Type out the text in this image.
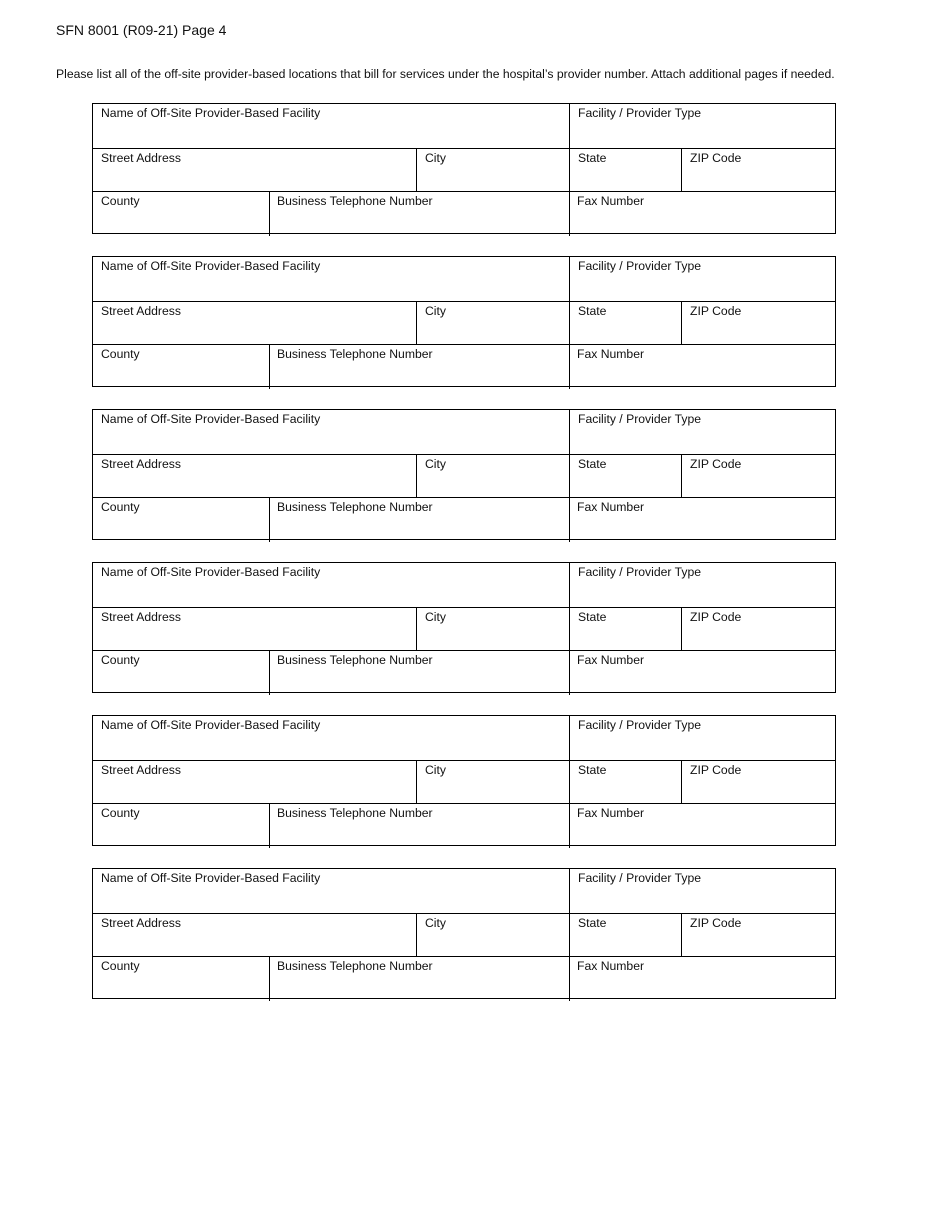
SFN 8001 (R09-21) Page 4
Please list all of the off-site provider-based locations that bill for services under the hospital’s provider number. Attach additional pages if needed.
Name of Off-Site Provider-Based Facility	Facility / Provider Type
Street Address	City	State	ZIP Code
County	Business Telephone Number	Fax Number
Name of Off-Site Provider-Based Facility	Facility / Provider Type
Street Address	City	State	ZIP Code
County	Business Telephone Number	Fax Number
Name of Off-Site Provider-Based Facility	Facility / Provider Type
Street Address	City	State	ZIP Code
County	Business Telephone Number	Fax Number
Name of Off-Site Provider-Based Facility	Facility / Provider Type
Street Address	City	State	ZIP Code
County	Business Telephone Number	Fax Number
Name of Off-Site Provider-Based Facility	Facility / Provider Type
Street Address	City	State	ZIP Code
County	Business Telephone Number	Fax Number
Name of Off-Site Provider-Based Facility	Facility / Provider Type
Street Address	City	State	ZIP Code
County	Business Telephone Number	Fax Number
